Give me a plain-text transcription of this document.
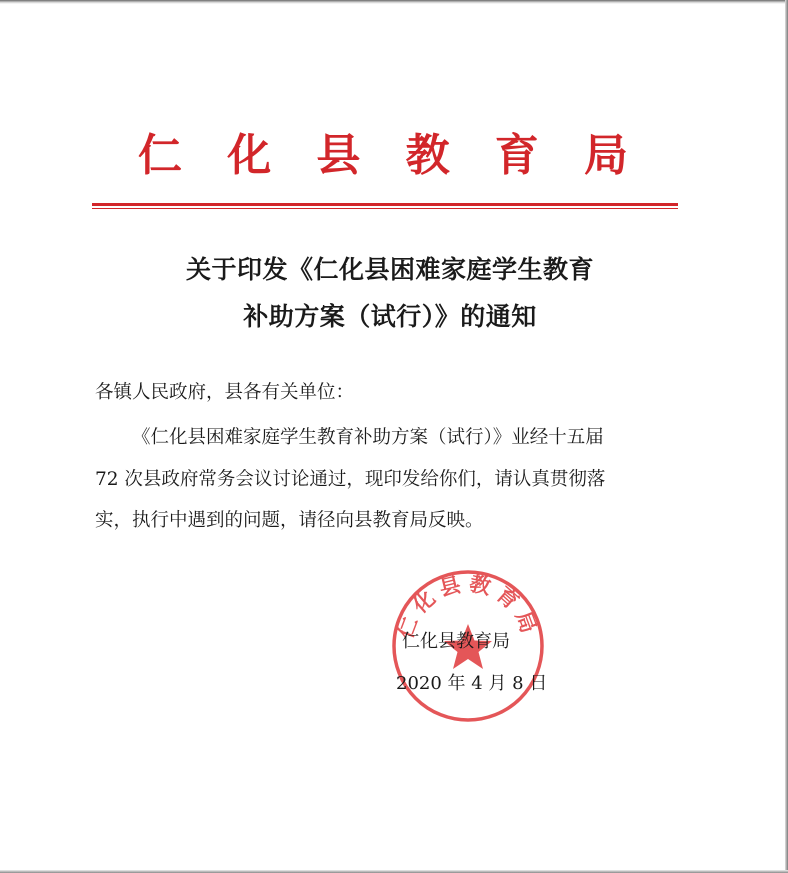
仁 化 县 教 育 局
关于印发《仁化县困难家庭学生教育
补助方案（试行）》的通知
各镇人民政府，县各有关单位：
《仁化县困难家庭学生教育补助方案（试行）》业经十五届
72 次县政府常务会议讨论通过，现印发给你们，请认真贯彻落
实，执行中遇到的问题，请径向县教育局反映。
仁化县教育局
仁化县教育局
2020 年 4 月 8 日
